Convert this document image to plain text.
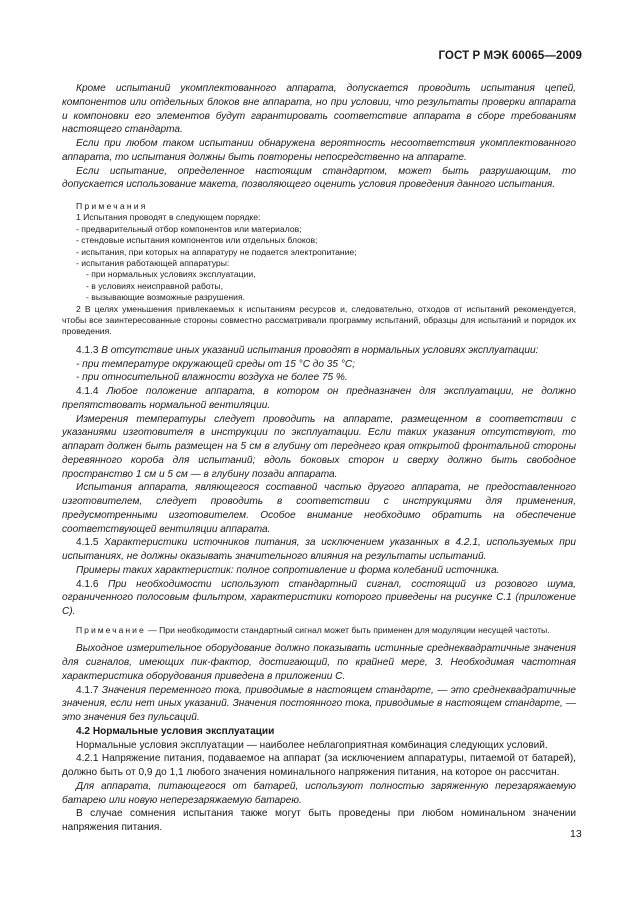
ГОСТ Р МЭК 60065—2009

Кроме испытаний укомплектованного аппарата, допускается проводить испытания цепей, компонентов или отдельных блоков вне аппарата, но при условии, что результаты проверки аппарата и компоновки его элементов будут гарантировать соответствие аппарата в сборе требованиям настоящего стандарта.

Если при любом таком испытании обнаружена вероятность несоответствия укомплектованного аппарата, то испытания должны быть повторены непосредственно на аппарате.

Если испытание, определенное настоящим стандартом, может быть разрушающим, то допускается использование макета, позволяющего оценить условия проведения данного испытания.

Примечания

1 Испытания проводят в следующем порядке:

- предварительный отбор компонентов или материалов;

- стендовые испытания компонентов или отдельных блоков;

- испытания, при которых на аппаратуру не подается электропитание;

- испытания работающей аппаратуры:

- при нормальных условиях эксплуатации,

- в условиях неисправной работы,

- вызывающие возможные разрушения.

2 В целях уменьшения привлекаемых к испытаниям ресурсов и, следовательно, отходов от испытаний рекомендуется, чтобы все заинтересованные стороны совместно рассматривали программу испытаний, образцы для испытаний и порядок их проведения.

4.1.3 В отсутствие иных указаний испытания проводят в нормальных условиях эксплуатации:

- при температуре окружающей среды от 15 °С до 35 °С;

- при относительной влажности воздуха не более 75 %.

4.1.4 Любое положение аппарата, в котором он предназначен для эксплуатации, не должно препятствовать нормальной вентиляции.

Измерения температуры следует проводить на аппарате, размещенном в соответствии с указаниями изготовителя в инструкции по эксплуатации. Если таких указания отсутствуют, то аппарат должен быть размещен на 5 см в глубину от переднего края открытой фронтальной стороны деревянного короба для испытаний; вдоль боковых сторон и сверху должно быть свободное пространство 1 см и 5 см — в глубину позади аппарата.

Испытания аппарата, являющегося составной частью другого аппарата, не предоставленного изготовителем, следует проводить в соответствии с инструкциями для применения, предусмотренными изготовителем. Особое внимание необходимо обратить на обеспечение соответствующей вентиляции аппарата.

4.1.5 Характеристики источников питания, за исключением указанных в 4.2.1, используемых при испытаниях, не должны оказывать значительного влияния на результаты испытаний.

Примеры таких характеристик: полное сопротивление и форма колебаний источника.

4.1.6 При необходимости используют стандартный сигнал, состоящий из розового шума, ограниченного полосовым фильтром, характеристики которого приведены на рисунке С.1 (приложение С).

Примечание — При необходимости стандартный сигнал может быть применен для модуляции несущей частоты.

Выходное измерительное оборудование должно показывать истинные среднеквадратичные значения для сигналов, имеющих пик-фактор, достигающий, по крайней мере, 3. Необходимая частотная характеристика оборудования приведена в приложении С.

4.1.7 Значения переменного тока, приводимые в настоящем стандарте, — это среднеквадратичные значения, если нет иных указаний. Значения постоянного тока, приводимые в настоящем стандарте, — это значения без пульсаций.

4.2 Нормальные условия эксплуатации

Нормальные условия эксплуатации — наиболее неблагоприятная комбинация следующих условий.

4.2.1 Напряжение питания, подаваемое на аппарат (за исключением аппаратуры, питаемой от батарей), должно быть от 0,9 до 1,1 любого значения номинального напряжения питания, на которое он рассчитан.

Для аппарата, питающегося от батарей, используют полностью заряженную перезаряжаемую батарею или новую неперезаряжаемую батарею.

В случае сомнения испытания также могут быть проведены при любом номинальном значении напряжения питания.

13
